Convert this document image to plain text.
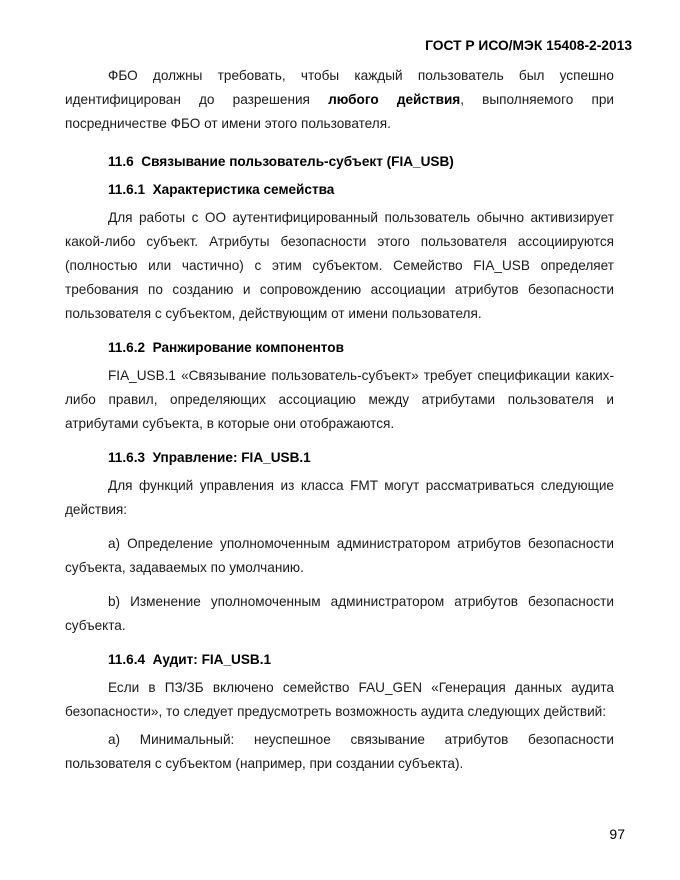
ГОСТ Р ИСО/МЭК 15408-2-2013

ФБО должны требовать, чтобы каждый пользователь был успешно идентифицирован до разрешения любого действия, выполняемого при посредничестве ФБО от имени этого пользователя.

11.6 Связывание пользователь-субъект (FIA_USB)
11.6.1 Характеристика семейства

Для работы с ОО аутентифицированный пользователь обычно активизирует какой-либо субъект. Атрибуты безопасности этого пользователя ассоциируются (полностью или частично) с этим субъектом. Семейство FIA_USB определяет требования по созданию и сопровождению ассоциации атрибутов безопасности пользователя с субъектом, действующим от имени пользователя.

11.6.2 Ранжирование компонентов

FIA_USB.1 «Связывание пользователь-субъект» требует спецификации каких-либо правил, определяющих ассоциацию между атрибутами пользователя и атрибутами субъекта, в которые они отображаются.

11.6.3 Управление: FIA_USB.1

Для функций управления из класса FMT могут рассматриваться следующие действия:

а) Определение уполномоченным администратором атрибутов безопасности субъекта, задаваемых по умолчанию.

b) Изменение уполномоченным администратором атрибутов безопасности субъекта.

11.6.4 Аудит: FIA_USB.1

Если в ПЗ/ЗБ включено семейство FAU_GEN «Генерация данных аудита безопасности», то следует предусмотреть возможность аудита следующих действий:

а) Минимальный: неуспешное связывание атрибутов безопасности пользователя с субъектом (например, при создании субъекта).

97
